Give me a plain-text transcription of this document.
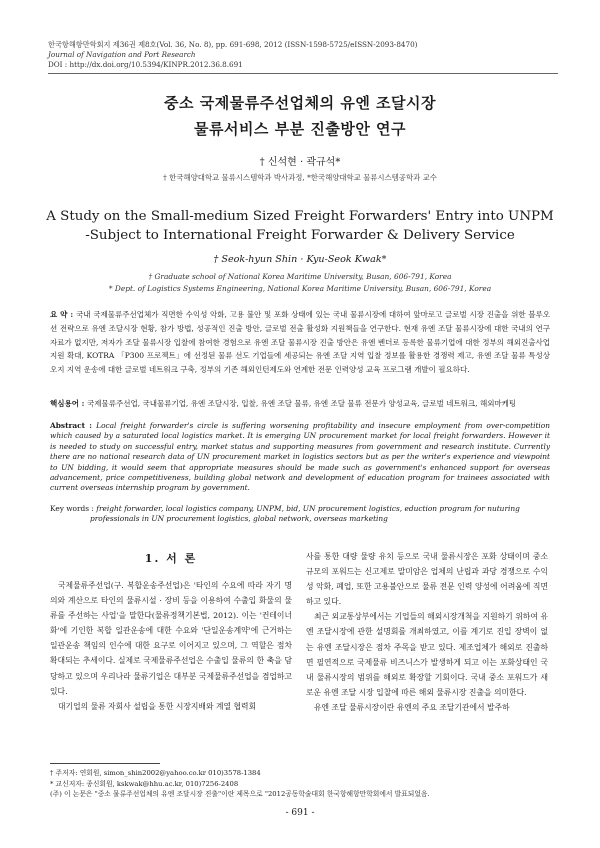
한국항해항만학회지 제36권 제8호(Vol. 36, No. 8), pp. 691-698, 2012 (ISSN-1598-5725/eISSN-2093-8470)
Journal of Navigation and Port Research
DOI : http://dx.doi.org/10.5394/KINPR.2012.36.8.691
중소 국제물류주선업체의 유엔 조달시장
물류서비스 부분 진출방안 연구
† 신석현 · 곽규석*
† 한국해양대학교 물류시스템학과 박사과정, *한국해양대학교 물류시스템공학과 교수
A Study on the Small-medium Sized Freight Forwarders' Entry into UNPM
-Subject to International Freight Forwarder & Delivery Service
† Seok-hyun Shin · Kyu-Seok Kwak*
† Graduate school of National Korea Maritime University, Busan, 606-791, Korea
* Dept. of Logistics Systems Engineering, National Korea Maritime University, Busan, 606-791, Korea
요 약 : 국내 국제물류주선업체가 직면한 수익성 악화, 고용 불안 및 포화 상태에 있는 국내 물류시장에 대하여 앞마로고 글로벌 시장 진출을 위한 블루오션 전략으로 유엔 조달시장 현황, 참가 방법, 성공적인 진출 방안, 글로벌 전출 활성화 지원책들을 연구한다. 현재 유엔 조달 물류시장에 대한 국내의 연구 자료가 없지만, 저자가 조달 물류시장 입찰에 참여한 경험으로 유엔 조달 물류시장 진출 방안은 유엔 벤더로 등록한 물류기업에 대한 정부의 해외진출사업 지원 확대, KOTRA 「P300 프로젝트」에 선정된 물류 선도 기업들에 세공되는 유엔 조달 지역 입찰 정보를 활용한 경쟁력 제고, 유엔 조달 물류 특성상 오지 지역 운송에 대한 글로벌 네트워크 구축, 정부의 기존 해외인턴제도와 연계한 전문 인력양성 교육 프로그램 개발이 필요하다.
핵심용어 : 국제물류주선업, 국내물류기업, 유엔 조달시장, 입찰, 유엔 조달 물류, 유엔 조달 물류 전문가 양성교육, 글로벌 네트워크, 해외마케팅
Abstract : Local freight forwarder's circle is suffering worsening profitability and insecure employment from over-competition which caused by a saturated local logistics market. It is emerging UN procurement market for local freight forwarders. However it is needed to study on successful entry, market status and supporting measures from government and research institute. Currently there are no national research data of UN procurement market in logistics sectors but as per the writer's experience and viewpoint to UN bidding, it would seem that appropriate measures should be made such as government's enhanced support for overseas advancement, price competitiveness, building global network and development of education program for trainees associated with current overseas internship program by government.
Key words : freight forwarder, local logistics company, UNPM, bid, UN procurement logistics, eduction program for nuturing
professionals in UN procurement logistics, global network, overseas marketing
1. 서 론

국제물류주선업(구. 복합운송주선업)은 '타인의 수요에 따라 자기 명의와 계산으로 타인의 물류시설 · 장비 등을 이용하여 수출입 화물의 물류를 주선하는 사업'을 말한다(물류정책기본법, 2012). 이는 '컨테이너화'에 기인한 복합 일관운송에 대한 수요와 '단일운송계약'에 근거하는 일관운송 책임의 인수에 대한 요구로 이어지고 있으며, 그 역할은 점차 확대되는 추세이다. 실제로 국제물류주선업은 수출입 물류의 한 축을 담당하고 있으며 우리나라 물류기업은 대부분 국제물류주선업을 겸업하고 있다.

대기업의 물류 자회사 설립을 통한 시장지배와 계열 협력회

사를 통한 대량 물량 유치 등으로 국내 물류시장은 포화 상태이며 중소 규모의 포워드는 신고제로 말미암은 업체의 난립과 과당 경쟁으로 수익성 악화, 폐업, 또한 고용불안으로 물류 전문 인력 양성에 어려움에 직면하고 있다.

최근 외교통상부에서는 기업들의 해외시장개척을 지원하기 위하여 유엔 조달시장에 관한 설명회를 개최하였고, 이를 계기로 진입 장벽이 없는 유엔 조달시장은 점차 주목을 받고 있다. 제조업체가 해외로 진출하면 필연적으로 국제물류 비즈니스가 발생하게 되고 이는 포화상태인 국내 물류시장의 범위를 해외로 확장할 기회이다. 국내 중소 포워드가 새로운 유엔 조달 시장 입찰에 따른 해외 물류시장 진출을 의미한다.

유엔 조달 물류시장이란 유엔의 주요 조달기관에서 발주하

† 주저자: 연회원, simon_shin2002@yahoo.co.kr 010)3578-1384
* 교신저자: 종신회원, kskwak@hhu.ac.kr, 010)7256-2408
(주) 이 논문은 "중소 물류주선업체의 유엔 조달시장 진출"이란 제목으로 "2012공동학술대회 한국항해항만학회에서 발표되었음.
- 691 -
